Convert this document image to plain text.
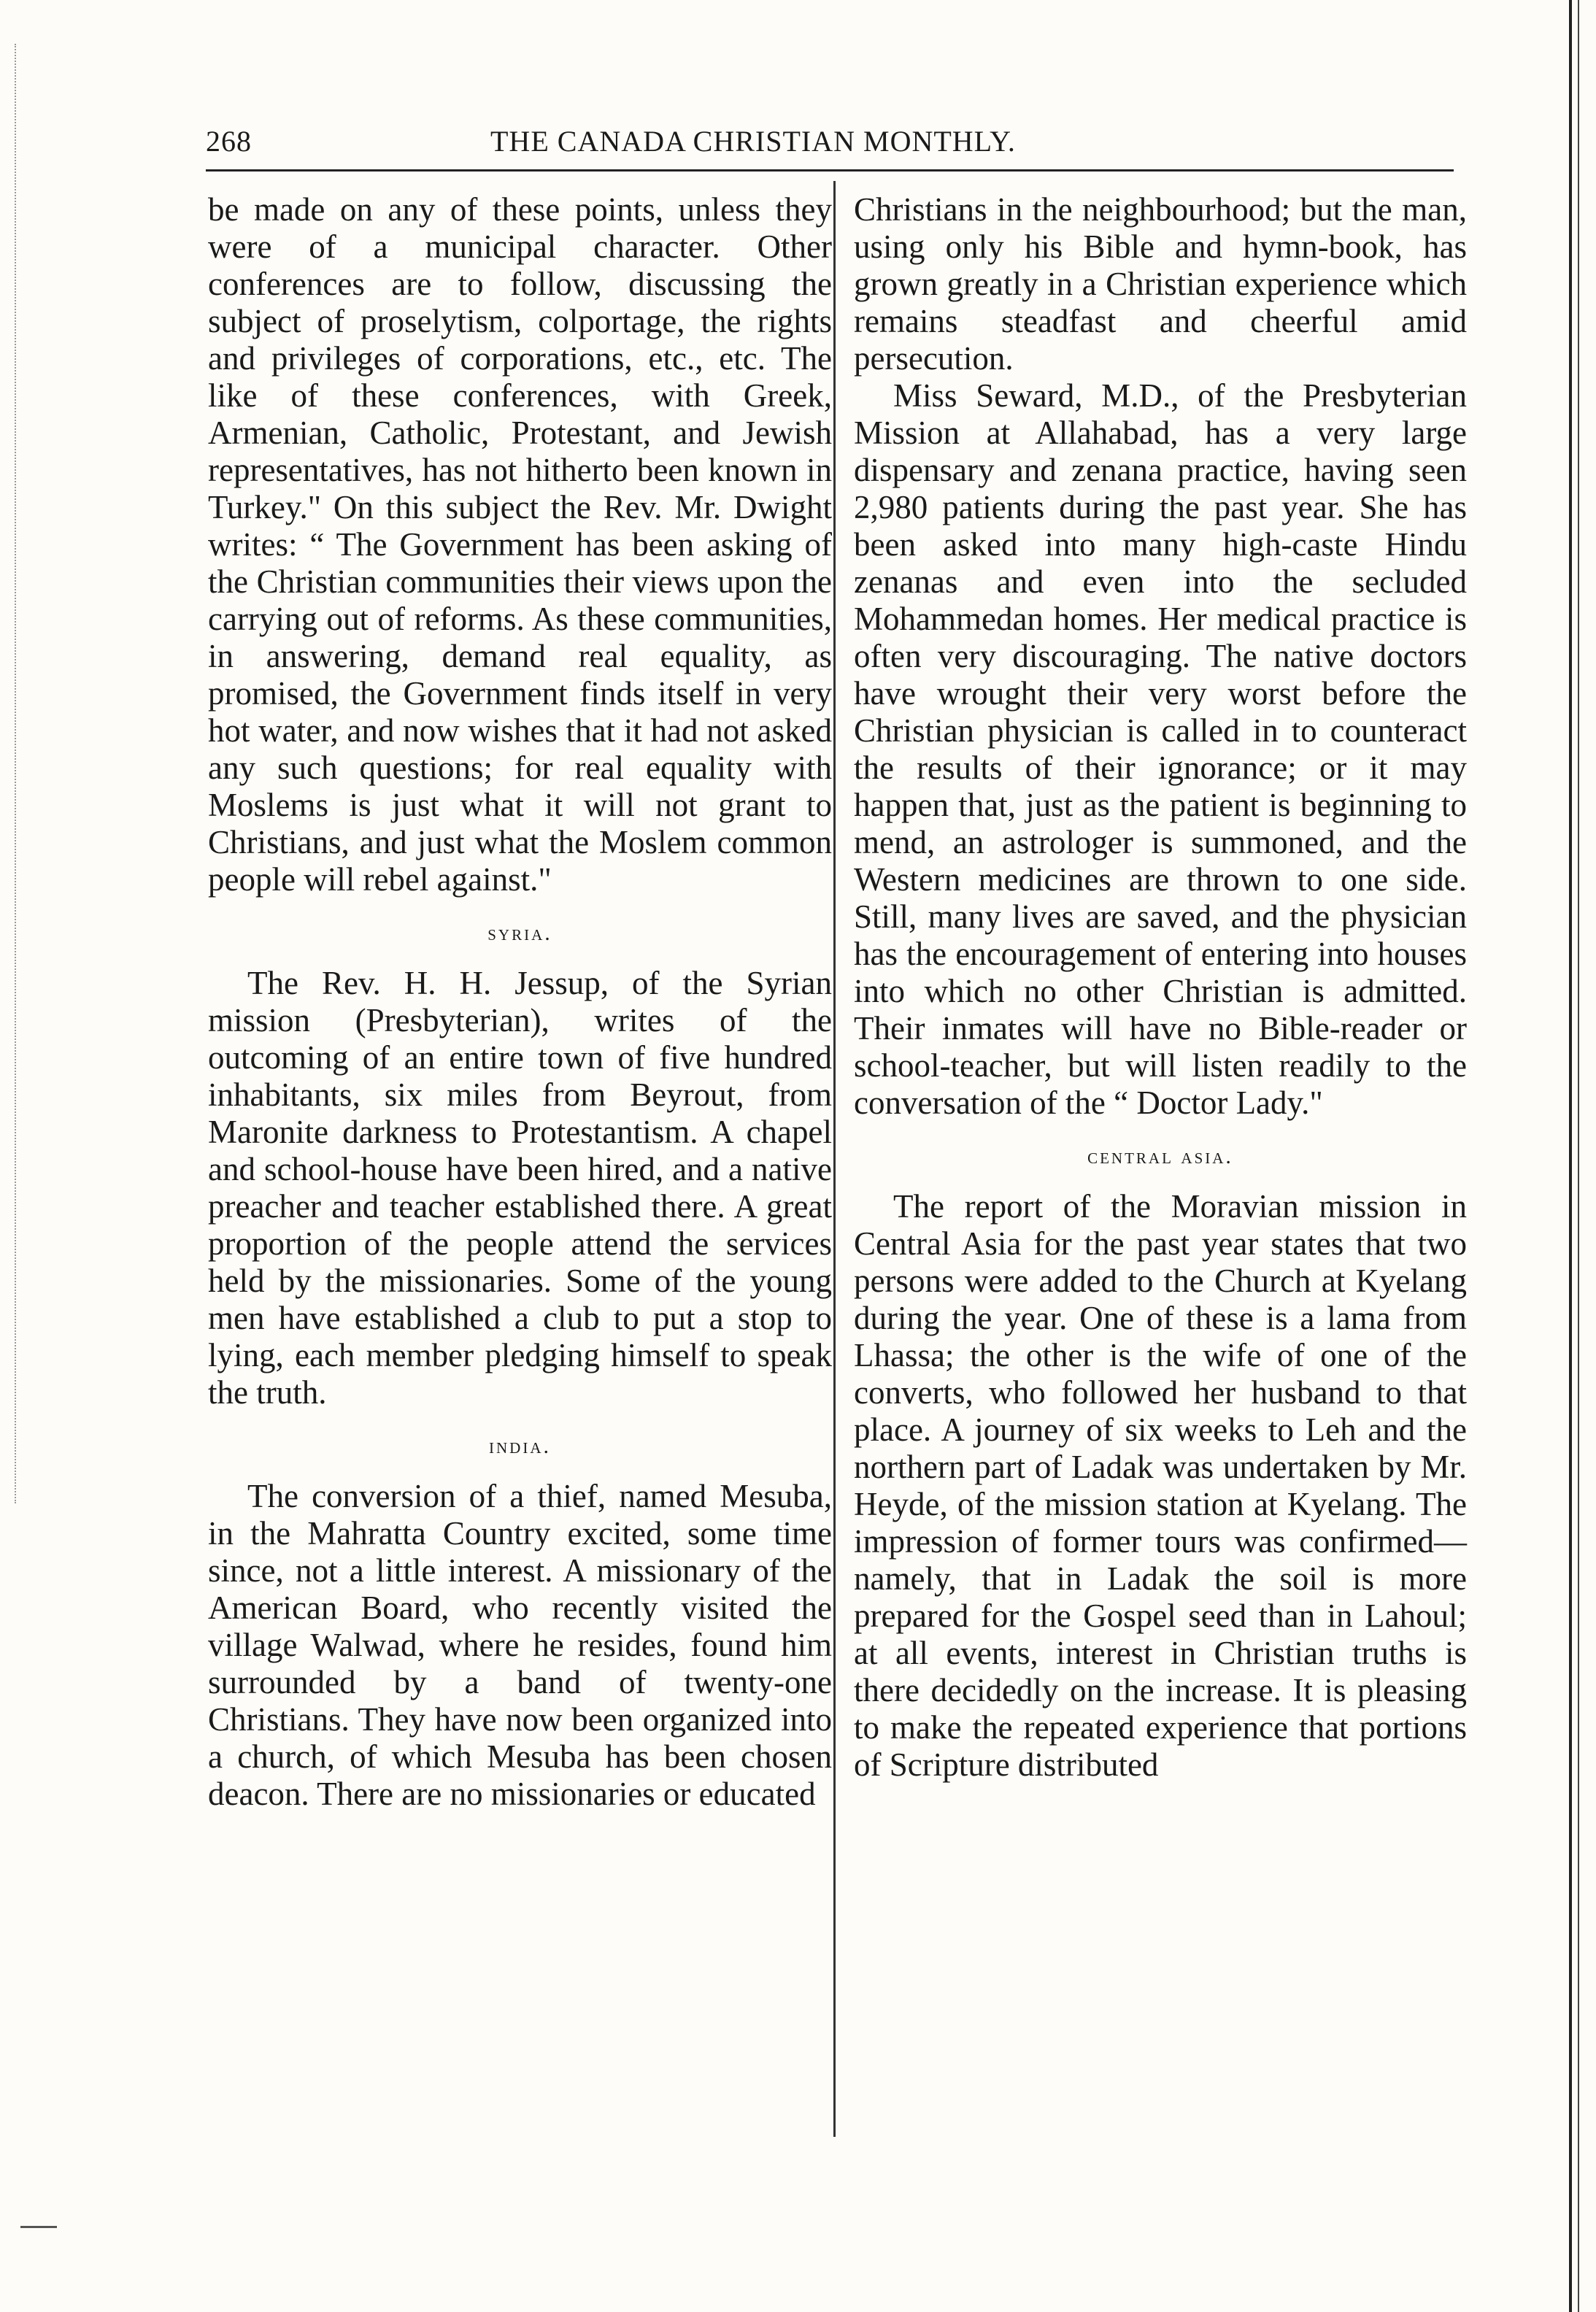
268	THE CANADA CHRISTIAN MONTHLY.

be made on any of these points, unless they were of a municipal character. Other conferences are to follow, discussing the subject of proselytism, colportage, the rights and privileges of corporations, etc., etc. The like of these conferences, with Greek, Armenian, Catholic, Protestant, and Jewish representatives, has not hitherto been known in Turkey." On this subject the Rev. Mr. Dwight writes: “ The Government has been asking of the Christian communities their views upon the carrying out of reforms. As these communities, in answering, demand real equality, as promised, the Government finds itself in very hot water, and now wishes that it had not asked any such questions; for real equality with Moslems is just what it will not grant to Christians, and just what the Moslem common people will rebel against."

syria.

The Rev. H. H. Jessup, of the Syrian mission (Presbyterian), writes of the outcoming of an entire town of five hundred inhabitants, six miles from Beyrout, from Maronite darkness to Protestantism. A chapel and school-house have been hired, and a native preacher and teacher established there. A great proportion of the people attend the services held by the missionaries. Some of the young men have established a club to put a stop to lying, each member pledging himself to speak the truth.

india.

The conversion of a thief, named Mesuba, in the Mahratta Country excited, some time since, not a little interest. A missionary of the American Board, who recently visited the village Walwad, where he resides, found him surrounded by a band of twenty-one Christians. They have now been organized into a church, of which Mesuba has been chosen deacon. There are no missionaries or educated

Christians in the neighbourhood; but the man, using only his Bible and hymn-book, has grown greatly in a Christian experience which remains steadfast and cheerful amid persecution.

Miss Seward, M.D., of the Presbyterian Mission at Allahabad, has a very large dispensary and zenana practice, having seen 2,980 patients during the past year. She has been asked into many high-caste Hindu zenanas and even into the secluded Mohammedan homes. Her medical practice is often very discouraging. The native doctors have wrought their very worst before the Christian physician is called in to counteract the results of their ignorance; or it may happen that, just as the patient is beginning to mend, an astrologer is summoned, and the Western medicines are thrown to one side. Still, many lives are saved, and the physician has the encouragement of entering into houses into which no other Christian is admitted. Their inmates will have no Bible-reader or school-teacher, but will listen readily to the conversation of the “ Doctor Lady."

central asia.

The report of the Moravian mission in Central Asia for the past year states that two persons were added to the Church at Kyelang during the year. One of these is a lama from Lhassa; the other is the wife of one of the converts, who followed her husband to that place. A journey of six weeks to Leh and the northern part of Ladak was undertaken by Mr. Heyde, of the mission station at Kyelang. The impression of former tours was confirmed—namely, that in Ladak the soil is more prepared for the Gospel seed than in Lahoul; at all events, interest in Christian truths is there decidedly on the increase. It is pleasing to make the repeated experience that portions of Scripture distributed
